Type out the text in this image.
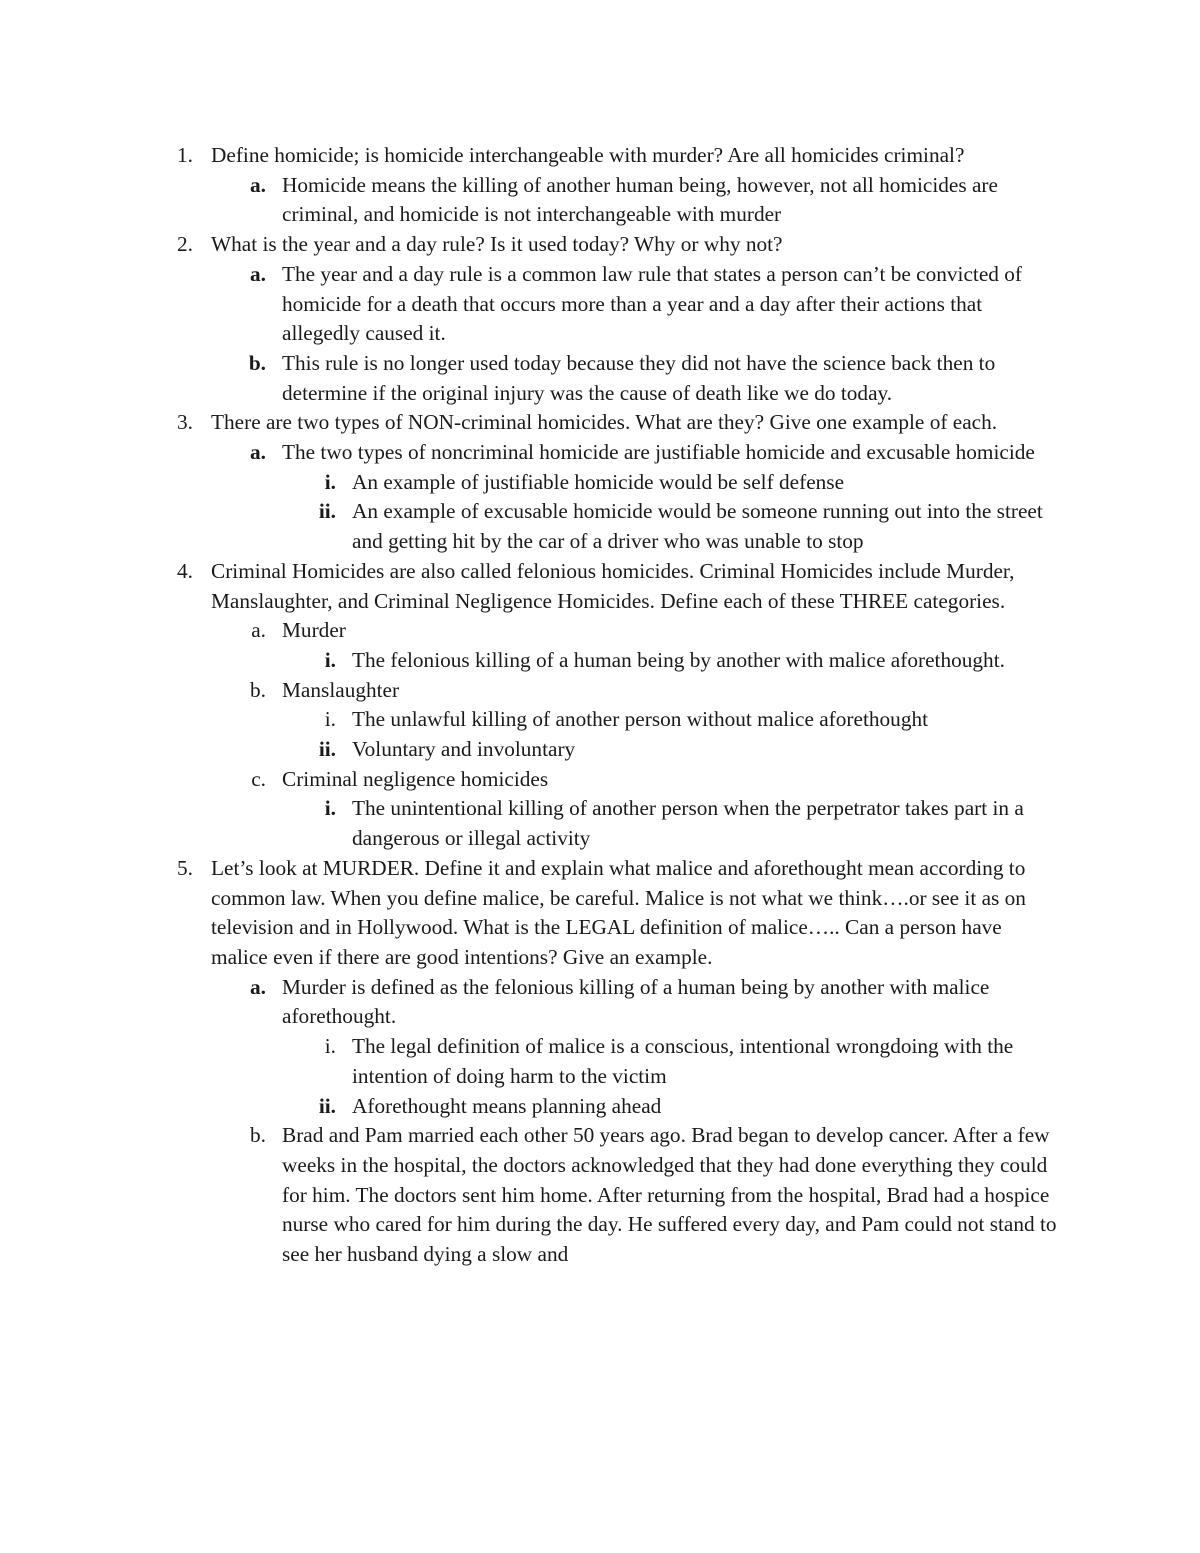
1. Define homicide; is homicide interchangeable with murder? Are all homicides criminal?
a. Homicide means the killing of another human being, however, not all homicides are criminal, and homicide is not interchangeable with murder
2. What is the year and a day rule? Is it used today? Why or why not?
a. The year and a day rule is a common law rule that states a person can’t be convicted of homicide for a death that occurs more than a year and a day after their actions that allegedly caused it.
b. This rule is no longer used today because they did not have the science back then to determine if the original injury was the cause of death like we do today.
3. There are two types of NON-criminal homicides. What are they? Give one example of each.
a. The two types of noncriminal homicide are justifiable homicide and excusable homicide
i. An example of justifiable homicide would be self defense
ii. An example of excusable homicide would be someone running out into the street and getting hit by the car of a driver who was unable to stop
4. Criminal Homicides are also called felonious homicides. Criminal Homicides include Murder, Manslaughter, and Criminal Negligence Homicides. Define each of these THREE categories.
a. Murder
i. The felonious killing of a human being by another with malice aforethought.
b. Manslaughter
i. The unlawful killing of another person without malice aforethought
ii. Voluntary and involuntary
c. Criminal negligence homicides
i. The unintentional killing of another person when the perpetrator takes part in a dangerous or illegal activity
5. Let’s look at MURDER. Define it and explain what malice and aforethought mean according to common law. When you define malice, be careful. Malice is not what we think….or see it as on television and in Hollywood. What is the LEGAL definition of malice….. Can a person have malice even if there are good intentions? Give an example.
a. Murder is defined as the felonious killing of a human being by another with malice aforethought.
i. The legal definition of malice is a conscious, intentional wrongdoing with the intention of doing harm to the victim
ii. Aforethought means planning ahead
b. Brad and Pam married each other 50 years ago. Brad began to develop cancer. After a few weeks in the hospital, the doctors acknowledged that they had done everything they could for him. The doctors sent him home. After returning from the hospital, Brad had a hospice nurse who cared for him during the day. He suffered every day, and Pam could not stand to see her husband dying a slow and
